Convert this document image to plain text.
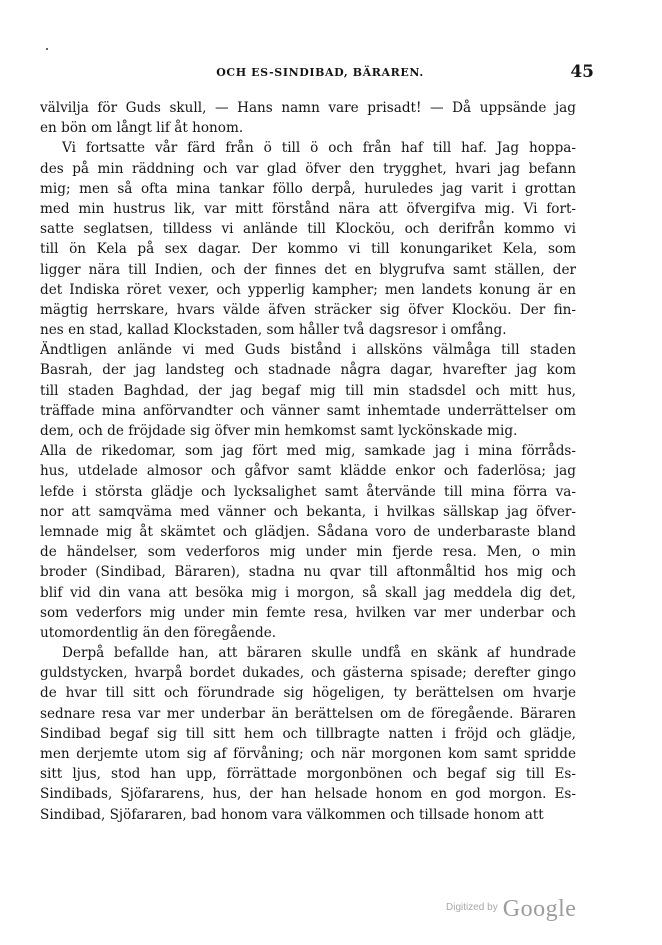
OCH ES-SINDIBAD, BÄRAREN.	45
välvilja för Guds skull, — Hans namn vare prisadt! — Då uppsände jag
en bön om långt lif åt honom.
Vi fortsatte vår färd från ö till ö och från haf till haf. Jag hoppa-
des på min räddning och var glad öfver den trygghet, hvari jag befann
mig; men så ofta mina tankar föllo derpå, huruledes jag varit i grottan
med min hustrus lik, var mitt förstånd nära att öfvergifva mig. Vi fort-
satte seglatsen, tilldess vi anlände till Klocköu, och derifrån kommo vi
till ön Kela på sex dagar. Der kommo vi till konungariket Kela, som
ligger nära till Indien, och der finnes det en blygrufva samt ställen, der
det Indiska röret vexer, och ypperlig kampher; men landets konung är en
mägtig herrskare, hvars välde äfven sträcker sig öfver Klocköu. Der fin-
nes en stad, kallad Klockstaden, som håller två dagsresor i omfång.
Ändtligen anlände vi med Guds bistånd i allsköns välmåga till staden
Basrah, der jag landsteg och stadnade några dagar, hvarefter jag kom
till staden Baghdad, der jag begaf mig till min stadsdel och mitt hus,
träffade mina anförvandter och vänner samt inhemtade underrättelser om
dem, och de fröjdade sig öfver min hemkomst samt lyckönskade mig.
Alla de rikedomar, som jag fört med mig, samkade jag i mina förråds-
hus, utdelade almosor och gåfvor samt klädde enkor och faderlösa; jag
lefde i största glädje och lycksalighet samt återvände till mina förra va-
nor att samqväma med vänner och bekanta, i hvilkas sällskap jag öfver-
lemnade mig åt skämtet och glädjen. Sådana voro de underbaraste bland
de händelser, som vederforos mig under min fjerde resa. Men, o min
broder (Sindibad, Bäraren), stadna nu qvar till aftonmåltid hos mig och
blif vid din vana att besöka mig i morgon, så skall jag meddela dig det,
som vederfors mig under min femte resa, hvilken var mer underbar och
utomordentlig än den föregående.
Derpå befallde han, att bäraren skulle undfå en skänk af hundrade
guldstycken, hvarpå bordet dukades, och gästerna spisade; derefter gingo
de hvar till sitt och förundrade sig högeligen, ty berättelsen om hvarje
sednare resa var mer underbar än berättelsen om de föregående. Bäraren
Sindibad begaf sig till sitt hem och tillbragte natten i fröjd och glädje,
men derjemte utom sig af förvåning; och när morgonen kom samt spridde
sitt ljus, stod han upp, förrättade morgonbönen och begaf sig till Es-
Sindibads, Sjöfararens, hus, der han helsade honom en god morgon. Es-
Sindibad, Sjöfararen, bad honom vara välkommen och tillsade honom att
$^{Digitized by}$ Google
